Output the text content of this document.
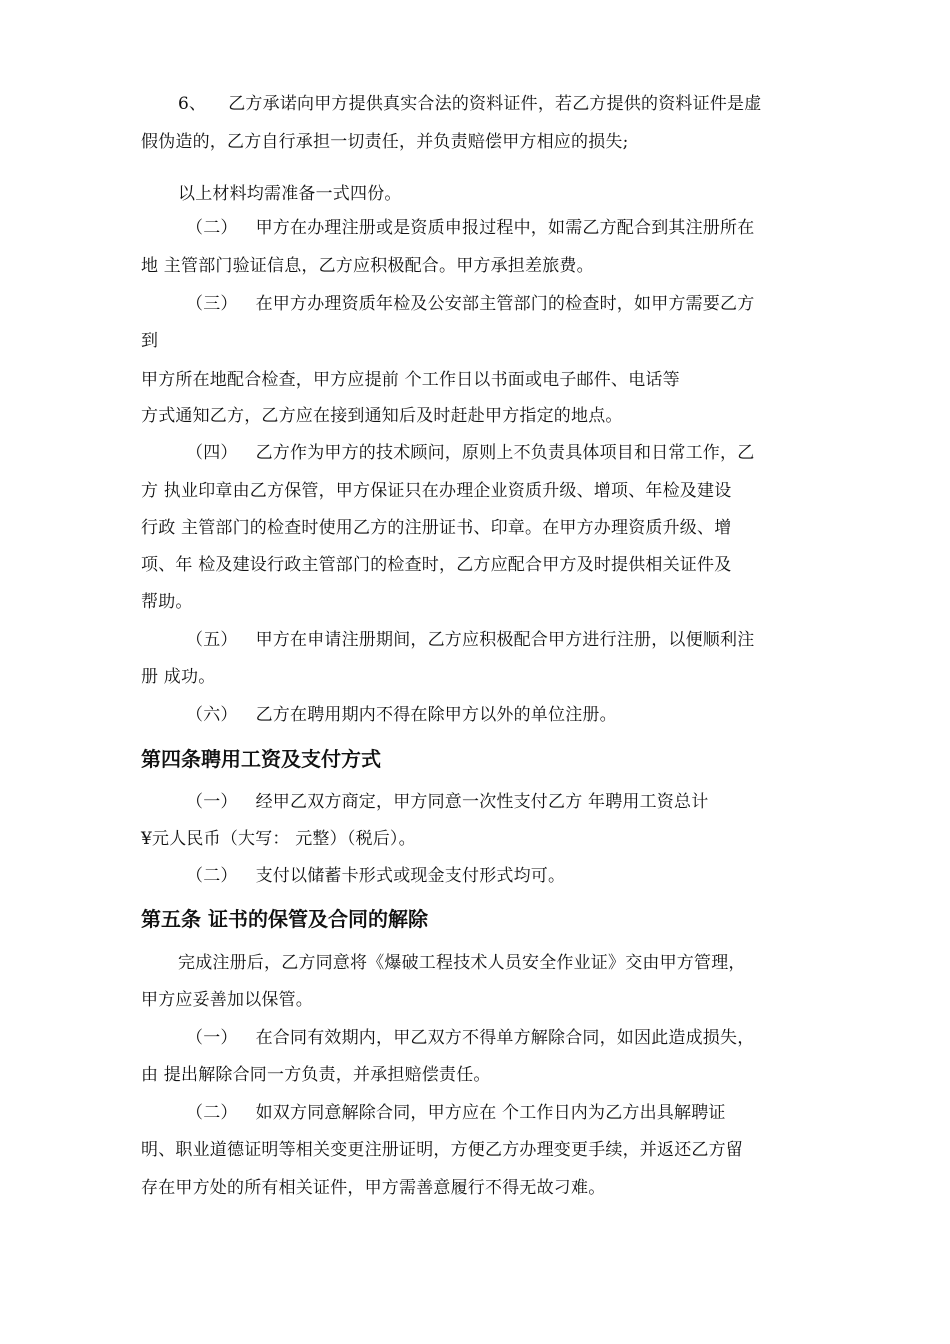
6、 乙方承诺向甲方提供真实合法的资料证件，若乙方提供的资料证件是虚
假伪造的，乙方自行承担一切责任，并负责赔偿甲方相应的损失;
以上材料均需准备一式四份。
（二） 甲方在办理注册或是资质申报过程中，如需乙方配合到其注册所在
地 主管部门验证信息，乙方应积极配合。甲方承担差旅费。
（三） 在甲方办理资质年检及公安部主管部门的检查时，如甲方需要乙方
到
甲方所在地配合检查，甲方应提前 个工作日以书面或电子邮件、电话等
方式通知乙方，乙方应在接到通知后及时赶赴甲方指定的地点。
（四） 乙方作为甲方的技术顾问，原则上不负责具体项目和日常工作，乙
方 执业印章由乙方保管，甲方保证只在办理企业资质升级、增项、年检及建设
行政 主管部门的检查时使用乙方的注册证书、印章。在甲方办理资质升级、增
项、年 检及建设行政主管部门的检查时，乙方应配合甲方及时提供相关证件及
帮助。
（五） 甲方在申请注册期间，乙方应积极配合甲方进行注册，以便顺利注
册 成功。
（六） 乙方在聘用期内不得在除甲方以外的单位注册。
第四条聘用工资及支付方式
（一） 经甲乙双方商定，甲方同意一次性支付乙方 年聘用工资总计
¥元人民币（大写： 元整）（税后）。
（二） 支付以储蓄卡形式或现金支付形式均可。
第五条 证书的保管及合同的解除
完成注册后，乙方同意将《爆破工程技术人员安全作业证》交由甲方管理，
甲方应妥善加以保管。
（一） 在合同有效期内，甲乙双方不得单方解除合同，如因此造成损失，
由 提出解除合同一方负责，并承担赔偿责任。
（二） 如双方同意解除合同，甲方应在 个工作日内为乙方出具解聘证
明、职业道德证明等相关变更注册证明，方便乙方办理变更手续，并返还乙方留
存在甲方处的所有相关证件，甲方需善意履行不得无故刁难。
